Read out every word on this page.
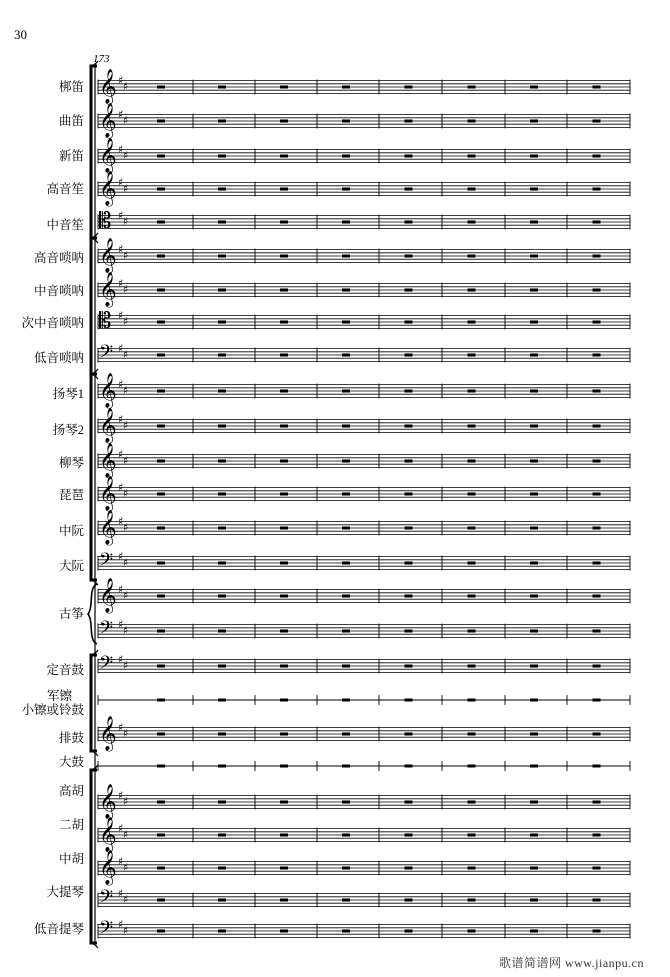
30
173
𝄞 ♯ ♯
𝄞 ♯ ♯
𝄞 ♯ ♯
𝄞 ♯ ♯
𝄡 ♯ ♯
𝄞 ♯ ♯
𝄞 ♯ ♯
𝄡 ♯ ♯
𝄢 ♯ ♯
𝄞 ♯ ♯
𝄞 ♯ ♯
𝄞 ♯ ♯
𝄞 ♯ ♯
𝄞 ♯ ♯
𝄢 ♯ ♯
𝄞 ♯ ♯
𝄢 ♯ ♯
𝄢 ♯ ♯
𝄞 ♯ ♯
𝄞 ♯ ♯
𝄞 ♯ ♯
𝄞 ♯ ♯
𝄢 ♯ ♯
𝄢 ♯ ♯
梆笛
曲笛
新笛
高音笙
中音笙
高音唢呐
中音唢呐
次中音唢呐
低音唢呐
扬琴1
扬琴2
柳琴
琵琶
中阮
大阮
古筝
定音鼓
军镲
小镲或铃鼓
排鼓
大鼓
高胡
二胡
中胡
大提琴
低音提琴
歌谱简谱网 www.jianpu.cn
